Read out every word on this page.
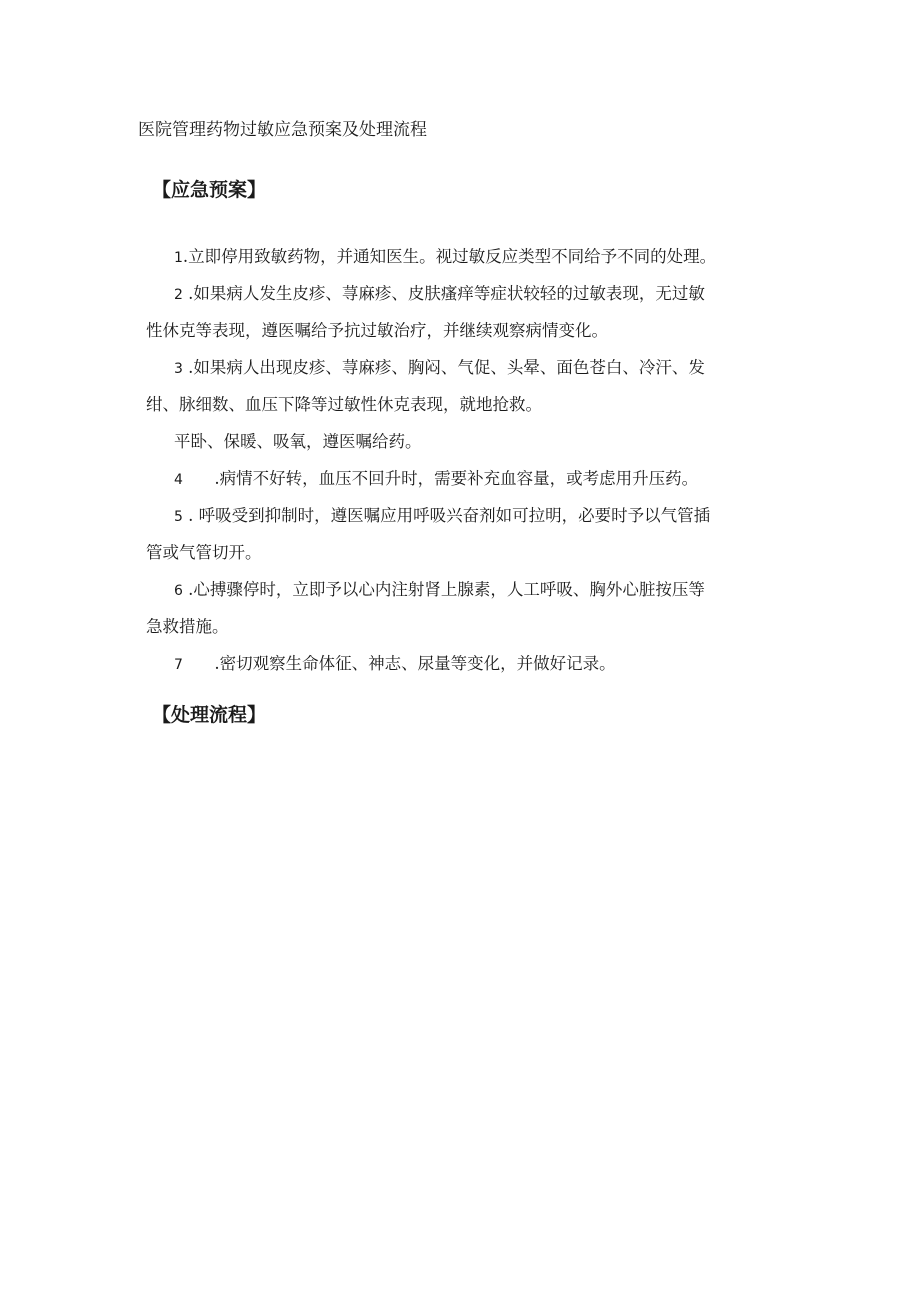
医院管理药物过敏应急预案及处理流程
【应急预案】
1.立即停用致敏药物，并通知医生。视过敏反应类型不同给予不同的处理。
2 .如果病人发生皮疹、荨麻疹、皮肤瘙痒等症状较轻的过敏表现，无过敏
性休克等表现，遵医嘱给予抗过敏治疗，并继续观察病情变化。
3 .如果病人出现皮疹、荨麻疹、胸闷、气促、头晕、面色苍白、冷汗、发
绀、脉细数、血压下降等过敏性休克表现，就地抢救。
平卧、保暖、吸氧，遵医嘱给药。
4      .病情不好转，血压不回升时，需要补充血容量，或考虑用升压药。
5 . 呼吸受到抑制时，遵医嘱应用呼吸兴奋剂如可拉明，必要时予以气管插
管或气管切开。
6 .心搏骤停时，立即予以心内注射肾上腺素，人工呼吸、胸外心脏按压等
急救措施。
7      .密切观察生命体征、神志、尿量等变化，并做好记录。
【处理流程】
